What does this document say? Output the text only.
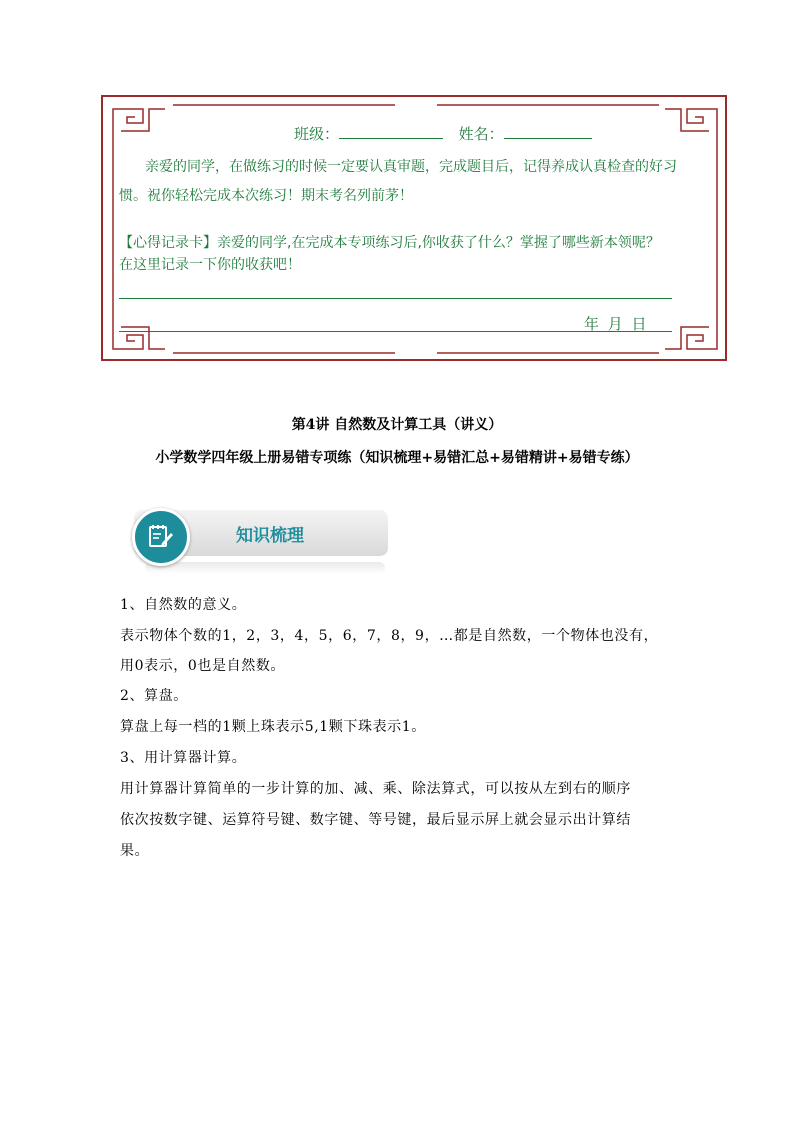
班级：	姓名：
亲爱的同学，在做练习的时候一定要认真审题，完成题目后，记得养成认真检查的好习
惯。祝你轻松完成本次练习！期末考名列前茅！
【心得记录卡】亲爱的同学,在完成本专项练习后,你收获了什么？掌握了哪些新本领呢？
在这里记录一下你的收获吧！
年 月 日
第4讲 自然数及计算工具（讲义）
小学数学四年级上册易错专项练（知识梳理+易错汇总+易错精讲+易错专练）
知识梳理
1、自然数的意义。
表示物体个数的1，2，3，4，5，6，7，8，9，…都是自然数，一个物体也没有，
用0表示，0也是自然数。
2、算盘。
算盘上每一档的1颗上珠表示5,1颗下珠表示1。
3、用计算器计算。
用计算器计算简单的一步计算的加、减、乘、除法算式，可以按从左到右的顺序
依次按数字键、运算符号键、数字键、等号键，最后显示屏上就会显示出计算结
果。
